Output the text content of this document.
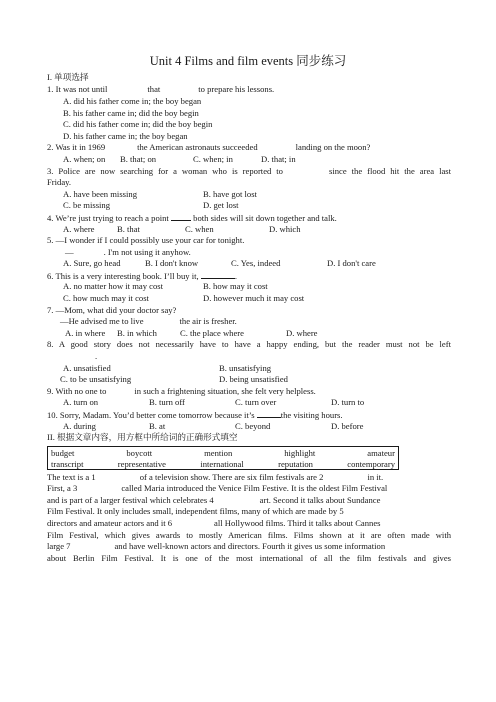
Unit 4 Films and film events 同步练习
I. 单项选择
1. It was not until	that	to prepare his lessons.
A. did his father come in; the boy began
B. his father came in; did the boy begin
C. did his father come in; did the boy begin
D. his father came in; the boy began
2. Was it in 1969	the American astronauts succeeded	landing on the moon?
A. when; on B. that; on	C. when; in	D. that; in
3. Police are now searching for a woman who is reported to	since the flood hit the area last
Friday.
A. have been missing	B. have got lost
C. be missing	D. get lost
4. We’re just trying to reach a point	both sides will sit down together and talk.
A. where	B. that	C. when	D. which
5. —I wonder if I could possibly use your car for tonight.
—	. I'm not using it anyhow.
A. Sure, go head	B. I don't know	C. Yes, indeed	D. I don't care
6. This is a very interesting book. I’ll buy it,	.
A. no matter how it may cost	B. how may it cost
C. how much may it cost	D. however much it may cost
7. —Mom, what did your doctor say?
—He advised me to live	the air is fresher.
A. in where B. in which	C. the place where	D. where
8. A good story does not necessarily have to have a happy ending, but the reader must not be left
.
A. unsatisfied	B. unsatisfying
C. to be unsatisfying	D. being unsatisfied
9. With no one to	in such a frightening situation, she felt very helpless.
A. turn on	B. turn off	C. turn over	D. turn to
10. Sorry, Madam. You’d better come tomorrow because it’s	the visiting hours.
A. during	B. at	C. beyond	D. before
II. 根据文章内容，用方框中所给词的正确形式填空
budget	boycott	mention	highlight	amateur
transcript	representative	international	reputation	contemporary
The text is a 1	of a television show. There are six film festivals are 2	in it.
First, a 3	called Maria introduced the Venice Film Festive. It is the oldest Film Festival
and is part of a larger festival which celebrates 4	art. Second it talks about Sundance
Film Festival. It only includes small, independent films, many of which are made by 5
directors and amateur actors and it 6	all Hollywood films. Third it talks about Cannes
Film Festival, which gives awards to mostly American films. Films shown at it are often made with
large 7	and have well-known actors and directors. Fourth it gives us some information
about Berlin Film Festival. It is one of the most international of all the film festivals and gives
